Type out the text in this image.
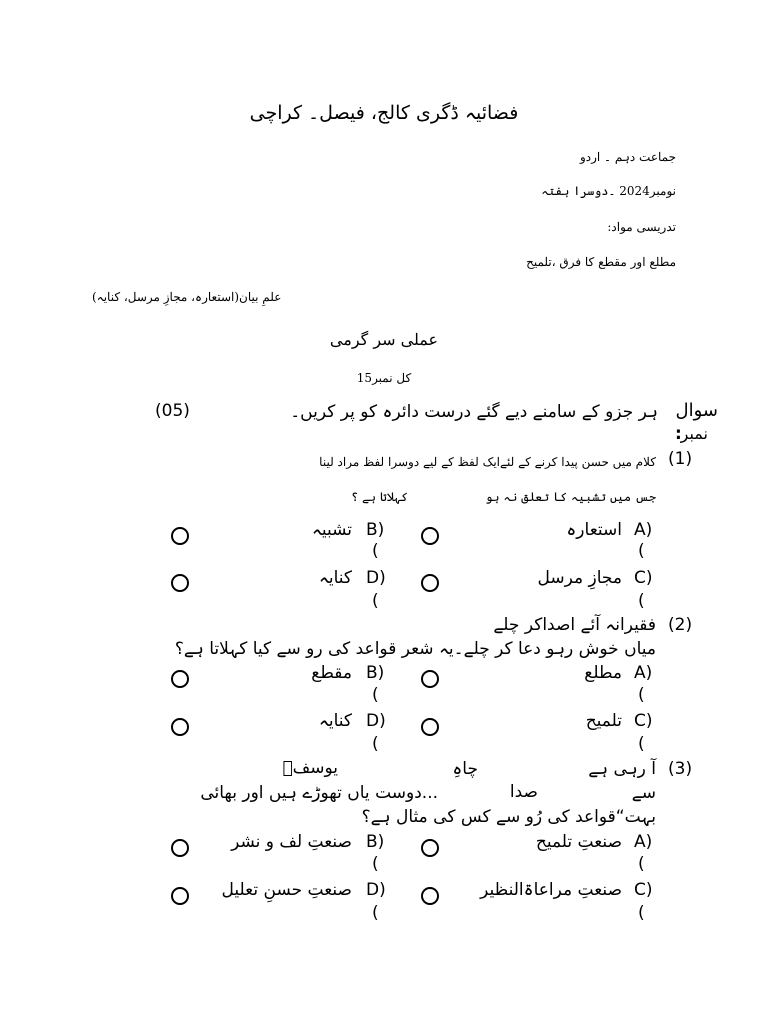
فضائیہ ڈگری کالج، فیصل۔ کراچی
جماعت دہم ۔ اردو
نومبر2024 ۔دوسرا ہفتہ
تدریسی مواد:
مطلع اور مقطع کا فرق ،تلمیح
علمِ بیان(استعارہ، مجازِ مرسل، کنایہ)
عملی سر گرمی
کل نمبر15
سوال
نمبر
:
ہر جزو کے سامنے دیے گئے درست دائرہ کو پر کریں۔
(05)
(1)
کلام میں حسن پیدا کرنے کے لئےایک لفظ کے لیے دوسرا لفظ مراد لینا
جس میں تشبیہ کا تعلق نہ ہو
کہلاتا ہے ؟
A)
استعارہ
B)
تشبیہ
(
(
C)
مجازِ مرسل
D)
کنایہ
(
(
(2)
فقیرانہ آئے اصداکر چلے
میاں خوش رہو دعا کر چلے۔یہ شعر قواعد کی رو سے کیا کہلاتا ہے؟
A)
مطلع
B)
مقطع
(
(
C)
تلمیح
D)
کنایہ
(
(
(3)
آ رہی ہے
چاہِ
یوسفؑ
سے
صدا
...دوست یاں تھوڑے ہیں اور بھائی
بہت“قواعد کی رُو سے کس کی مثال ہے؟
A)
صنعتِ تلمیح
B)
صنعتِ لف و نشر
(
(
C)
صنعتِ مراعاۃالنظیر
D)
صنعتِ حسنِ تعلیل
(
(
